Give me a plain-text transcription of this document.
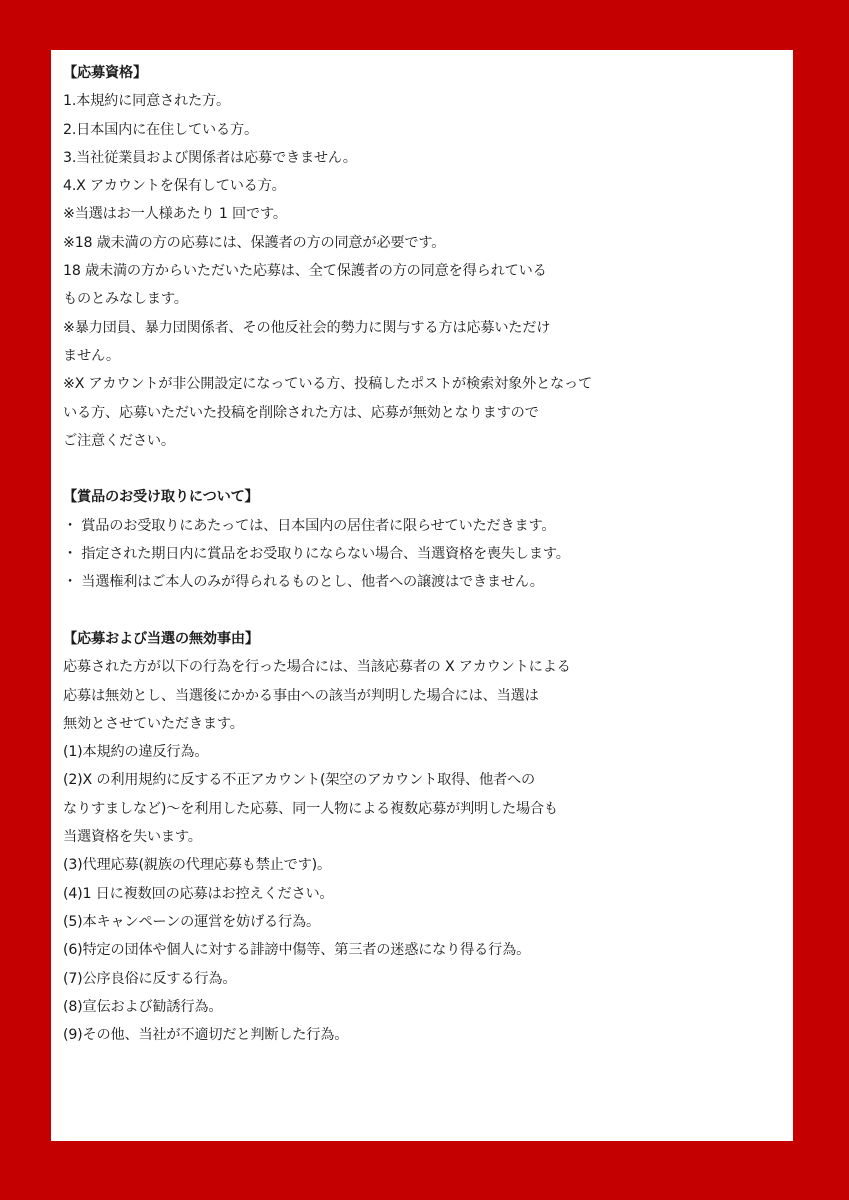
【応募資格】
1.本規約に同意された方。
2.日本国内に在住している方。
3.当社従業員および関係者は応募できません。
4.X アカウントを保有している方。
※当選はお一人様あたり 1 回です。
※18 歳未満の方の応募には、保護者の方の同意が必要です。
18 歳未満の方からいただいた応募は、全て保護者の方の同意を得られている
ものとみなします。
※暴力団員、暴力団関係者、その他反社会的勢力に関与する方は応募いただけ
ません。
※X アカウントが非公開設定になっている方、投稿したポストが検索対象外となって
いる方、応募いただいた投稿を削除された方は、応募が無効となりますので
ご注意ください。
【賞品のお受け取りについて】
・ 賞品のお受取りにあたっては、日本国内の居住者に限らせていただきます。
・ 指定された期日内に賞品をお受取りにならない場合、当選資格を喪失します。
・ 当選権利はご本人のみが得られるものとし、他者への譲渡はできません。
【応募および当選の無効事由】
応募された方が以下の行為を行った場合には、当該応募者の X アカウントによる
応募は無効とし、当選後にかかる事由への該当が判明した場合には、当選は
無効とさせていただきます。
(1)本規約の違反行為。
(2)X の利用規約に反する不正アカウント(架空のアカウント取得、他者への
なりすましなど)～を利用した応募、同一人物による複数応募が判明した場合も
当選資格を失います。
(3)代理応募(親族の代理応募も禁止です)。
(4)1 日に複数回の応募はお控えください。
(5)本キャンペーンの運営を妨げる行為。
(6)特定の団体や個人に対する誹謗中傷等、第三者の迷惑になり得る行為。
(7)公序良俗に反する行為。
(8)宣伝および勧誘行為。
(9)その他、当社が不適切だと判断した行為。
